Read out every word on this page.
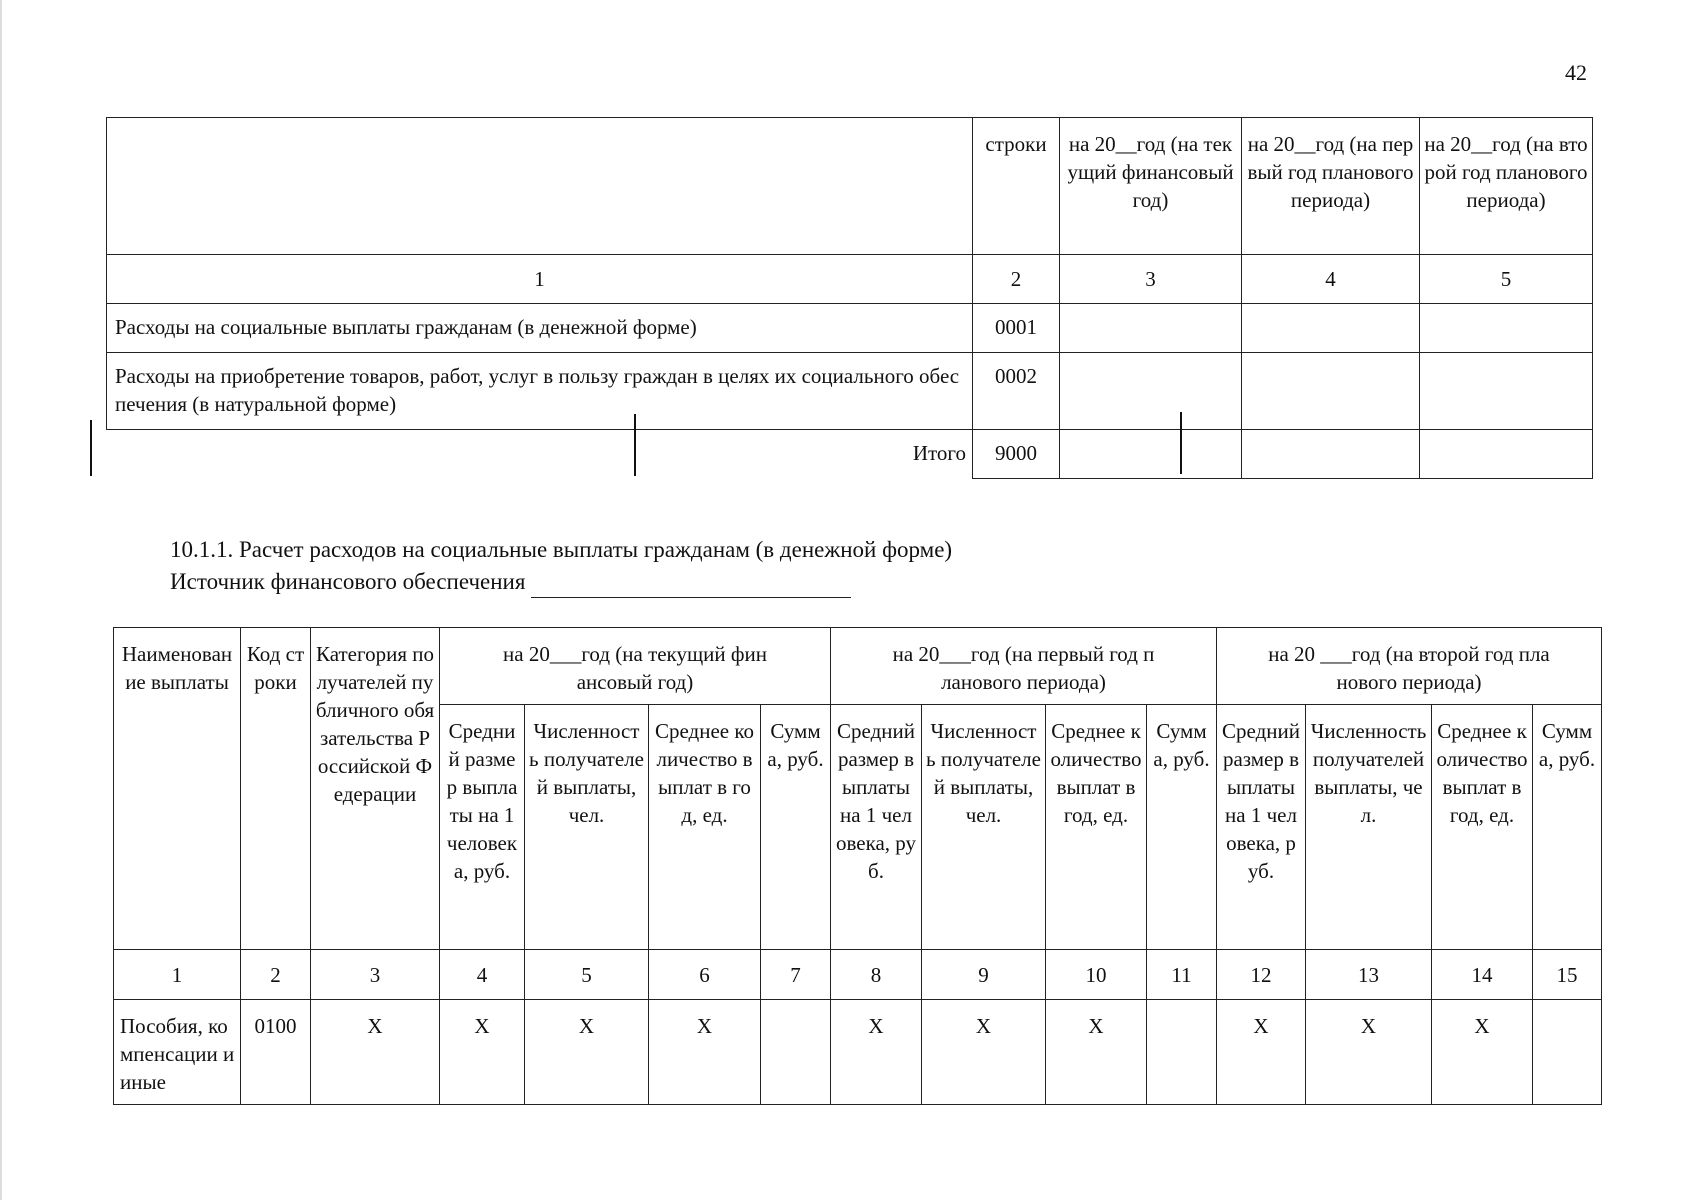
42
	строки	на 20__год (на текущий финансовый год)	на 20__год (на первый год планового периода)	на 20__год (на второй год планового периода)
1	2	3	4	5
Расходы на социальные выплаты гражданам (в денежной форме)	0001			
Расходы на приобретение товаров, работ, услуг в пользу граждан в целях их социального обеспечения (в натуральной форме)	0002			
Итого	9000			
10.1.1. Расчет расходов на социальные выплаты гражданам (в денежной форме)
Источник финансового обеспечения
Наименование выплаты	Код строки	Категория получателей публичного обязательства Российской Федерации	на 20___год (на текущий финансовый год)				на 20___год (на первый год планового периода)				на 20 ___год (на второй год планового периода)			
			Средний размер выплаты на 1 человека, руб.	Численность получателей выплаты, чел.	Среднее количество выплат в год, ед.	Сумма, руб.	Средний размер выплаты на 1 человека, руб.	Численность получателей выплаты, чел.	Среднее количество выплат в год, ед.	Сумма, руб.	Средний размер выплаты на 1 человека, руб.	Численность получателей выплаты, чел.	Среднее количество выплат в год, ед.	Сумма, руб.
1	2	3	4	5	6	7	8	9	10	11	12	13	14	15
Пособия, компенсации и иные	0100	Х	Х	Х	Х		Х	Х	Х		Х	Х	Х	
